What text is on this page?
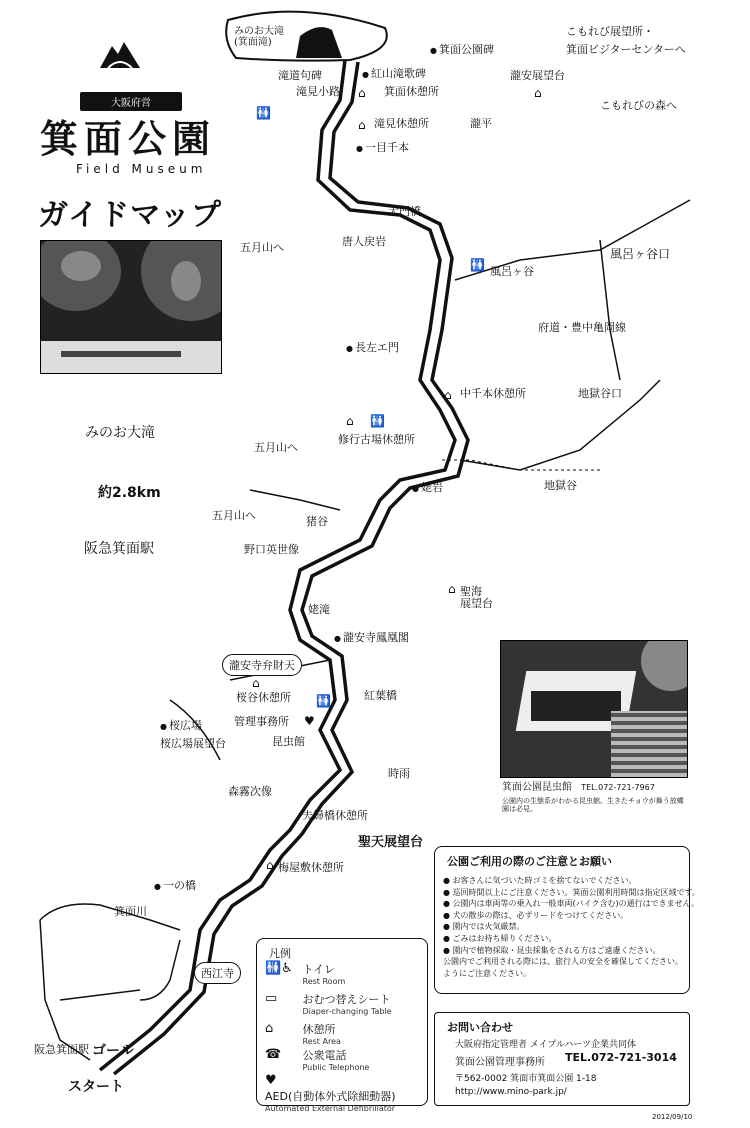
大阪府営
箕面公園
Field Museum
ガイドマップ
みのお大滝
約2.8km
阪急箕面駅
みのお大滝
(箕面滝)
● 箕面公園碑
こもれび展望所・
箕面ビジターセンターへ
こもれびの森へ
滝道句碑
●	紅山滝歌碑
滝見小路	箕面休憩所
瀧安展望台
滝見休憩所	瀧平
● 一目千本
大門橋
唐人戻岩
五月山へ
風呂ヶ谷
風呂ヶ谷口
府道・豊中亀岡線
● 長左エ門
中千本休憩所	地獄谷口
修行古場休憩所
五月山へ
● 姥岩	地獄谷
五月山へ	猪谷
野口英世像
聖海
展望台
姥滝
● 瀧安寺鳳凰閣
瀧安寺弁財天
桜谷休憩所	紅葉橋
● 桜広場	管理事務所
桜広場展望台	昆虫館
時雨
森霧次像
夫婦橋休憩所
聖天展望台
梅屋敷休憩所
● 一の橋
箕面川
西江寺
阪急箕面駅 ゴール
スタート
🚻
⌂
⌂
⌂
🚻
⌂
⌂ 🚻
⌂
⌂
🚻
♥
⌂
箕面公園昆虫館 TEL.072-721-7967
公園内の生態系がわかる昆虫館。生きたチョウが舞う放蝶園は必見。
公園ご利用の際のご注意とお願い
● お客さんに気づいた時ゴミを捨てないでください。
● 巡回時間以上にご注意ください。箕面公園利用時間は指定区域です。
● 公園内は車両等の乗入れ一般車両(バイク含む)の通行はできません。
● 犬の散歩の際は、必ずリードをつけてください。
● 園内では火気厳禁。
● ごみはお持ち帰りください。
● 園内で植物採取・昆虫採集をされる方はご遠慮ください。
公園内でご利用される際には、旅行人の安全を確保してください。
ようにご注意ください。
凡例
🚻♿ トイレ
Rest Room
▭ おむつ替えシート
Diaper-changing Table
⌂	休憩所
Rest Area
☎ 公衆電話
Public Telephone
♥ AED(自動体外式除細動器)
Automated External Defibrillator
お問い合わせ
大阪府指定管理者 メイプルハーツ企業共同体
箕面公園管理事務所 TEL.072-721-3014
〒562-0002 箕面市箕面公園 1-18
http://www.mino-park.jp/
2012/09/10
